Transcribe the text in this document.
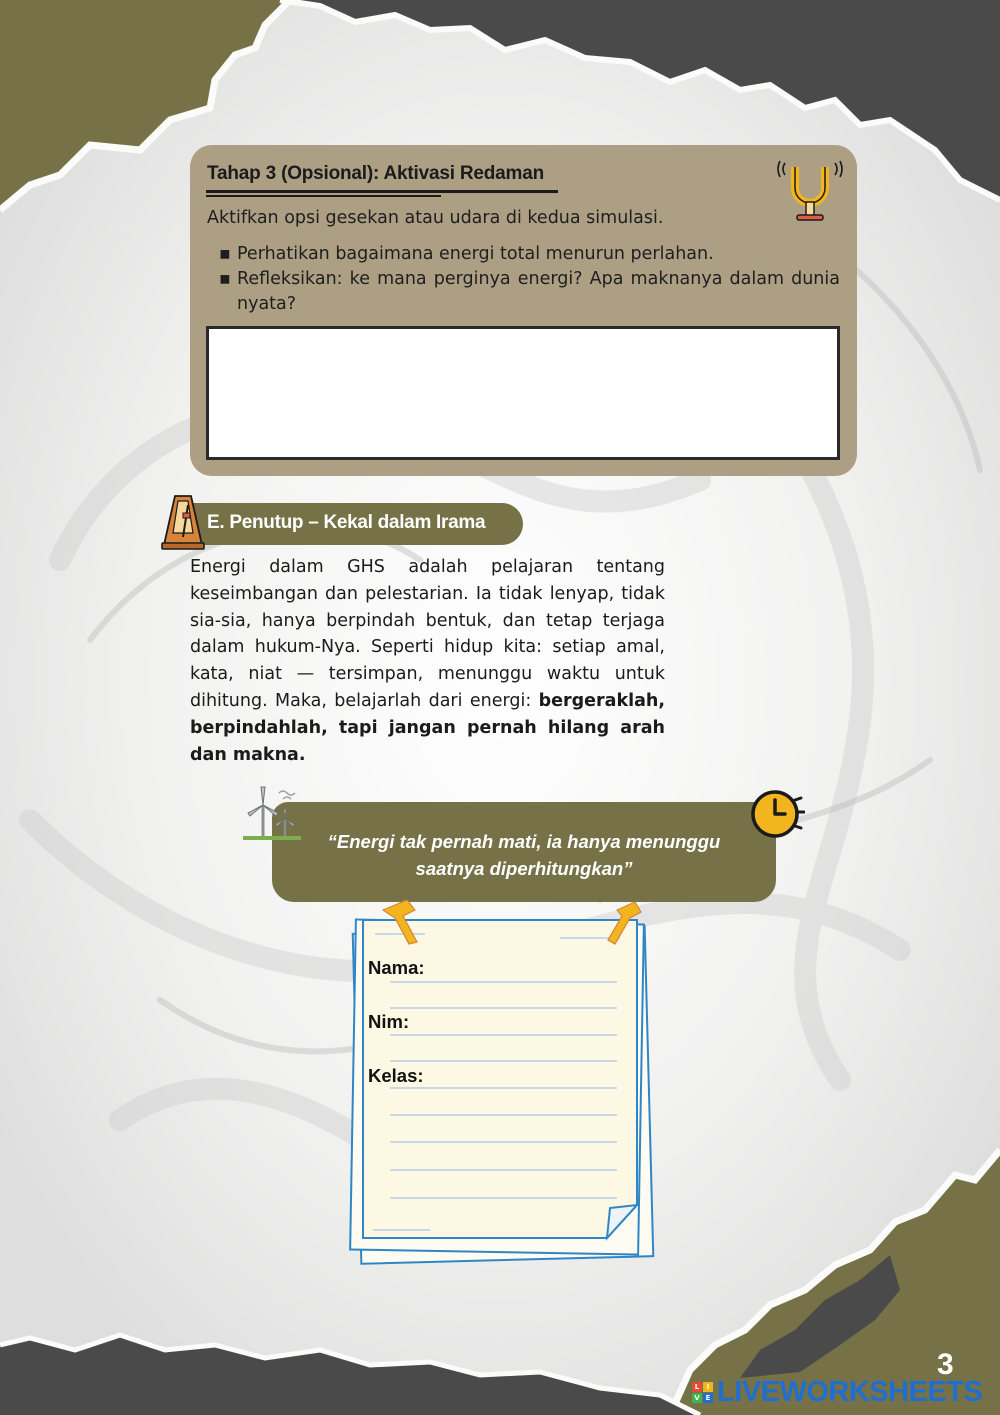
Tahap 3 (Opsional): Aktivasi Redaman
Aktifkan opsi gesekan atau udara di kedua simulasi.
▪ Perhatikan bagaimana energi total menurun perlahan.
▪ Refleksikan: ke mana perginya energi? Apa maknanya dalam dunia nyata?
E. Penutup – Kekal dalam Irama

Energi dalam GHS adalah pelajaran tentang keseimbangan dan pelestarian. Ia tidak lenyap, tidak sia-sia, hanya berpindah bentuk, dan tetap terjaga dalam hukum-Nya. Seperti hidup kita: setiap amal, kata, niat — tersimpan, menunggu waktu untuk dihitung. Maka, belajarlah dari energi: bergeraklah, berpindahlah, tapi jangan pernah hilang arah dan makna.

“Energi tak pernah mati, ia hanya menunggu saatnya diperhitungkan”
Nama:
Nim:
Kelas:
3
L	I
V E LIVEWORKSHEETS
